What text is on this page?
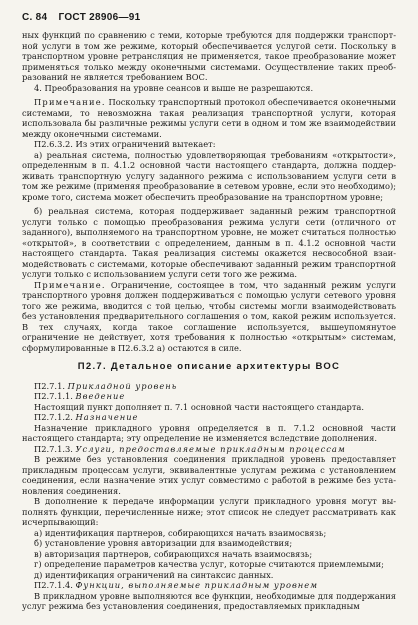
С. 84 ГОСТ 28906—91

ных функций по сравнению с теми, которые требуются для поддержки транспортной услуги в том же режиме, который обеспечивается услугой сети. Поскольку в транспортном уровне ретрансляция не применяется, такое преобразование может применяться только между оконечными системами. Осуществление таких преобразований не является требованием ВОС.

4. Преобразования на уровне сеансов и выше не разрешаются.

Примечание. Поскольку транспортный протокол обеспечивается оконечными системами, то невозможна такая реализация транспортной услуги, которая использовала бы различные режимы услуги сети в одном и том же взаимодействии между оконечными системами.

П2.6.3.2. Из этих ограничений вытекает:

а) реальная система, полностью удовлетворяющая требованиям «открытости», определенным в п. 4.1.2 основной части настоящего стандарта, должна поддерживать транспортную услугу заданного режима с использованием услуги сети в том же режиме (применяя преобразование в сетевом уровне, если это необходимо); кроме того, система может обеспечить преобразование на транспортном уровне;

б) реальная система, которая поддерживает заданный режим транспортной услуги только с помощью преобразования режима услуги сети (отличного от заданного), выполняемого на транспортном уровне, не может считаться полностью «открытой», в соответствии с определением, данным в п. 4.1.2 основной части настоящего стандарта. Такая реализация системы окажется несвособной взаимодействовать с системами, которые обеспечивают заданный режим транспортной услуги только с использованием услуги сети того же режима.

Примечание. Ограничение, состоящее в том, что заданный режим услуги транспортного уровня должен поддерживаться с помощью услуги сетевого уровня того же режима, вводится с той целью, чтобы системы могли взаимодействовать без установления предварительного соглашения о том, какой режим используется. В тех случаях, когда такое соглашение используется, вышеупомянутое ограничение не действует, хотя требования к полностью «открытым» системам, сформулированные в П2.6.3.2 а) остаются в силе.

П2.7. Детальное описание архитектуры ВОС

П2.7.1. Прикладной уровень

П2.7.1.1. Введение

Настоящий пункт дополняет п. 7.1 основной части настоящего стандарта.

П2.7.1.2. Назначение

Назначение прикладного уровня определяется в п. 7.1.2 основной части настоящего стандарта; эту определение не изменяется вследствие дополнения.

П2.7.1.3. Услуги, предоставляемые прикладным процессам

В режиме без установления соединения прикладной уровень предоставляет прикладным процессам услуги, эквивалентные услугам режима с установлением соединения, если назначение этих услуг совместимо с работой в режиме без установления соединения.

В дополнение к передаче информации услуги прикладного уровня могут выполнять функции, перечисленные ниже; этот список не следует рассматривать как исчерпывающий:

а) идентификация партнеров, собирающихся начать взаимосвязь;

б) установление уровня авторизации для взаимодействия;

в) авторизация партнеров, собирающихся начать взаимосвязь;

г) определение параметров качества услуг, которые считаются приемлемыми;

д) идентификация ограничений на синтаксис данных.

П2.7.1.4. Функции, выполняемые прикладным уровнем

В прикладном уровне выполняются все функции, необходимые для поддержания услуг режима без установления соединения, предоставляемых прикладным
